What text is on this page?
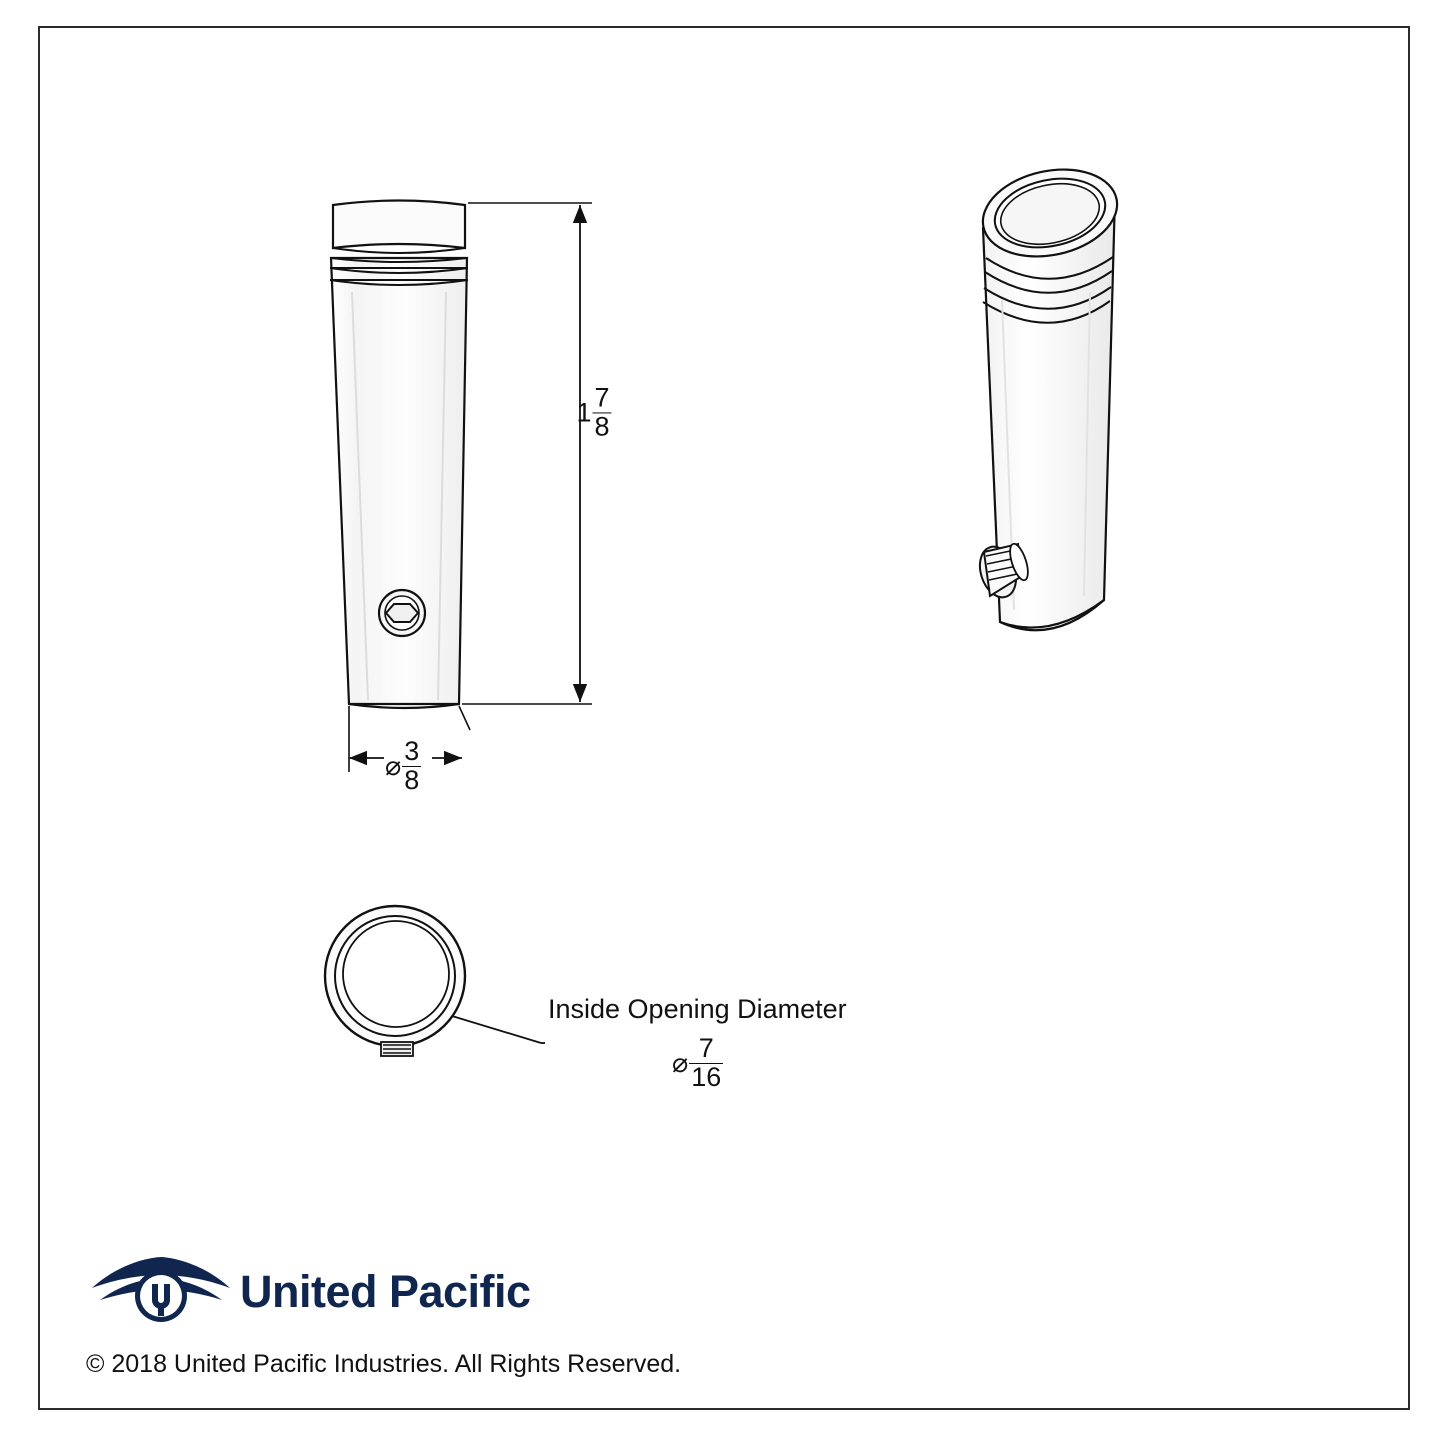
$1 \frac{7}{8}$
⌀ $\frac{3}{8}$
⌀ $\frac{7}{16}$
Inside Opening Diameter
United Pacific
© 2018 United Pacific Industries. All Rights Reserved.
